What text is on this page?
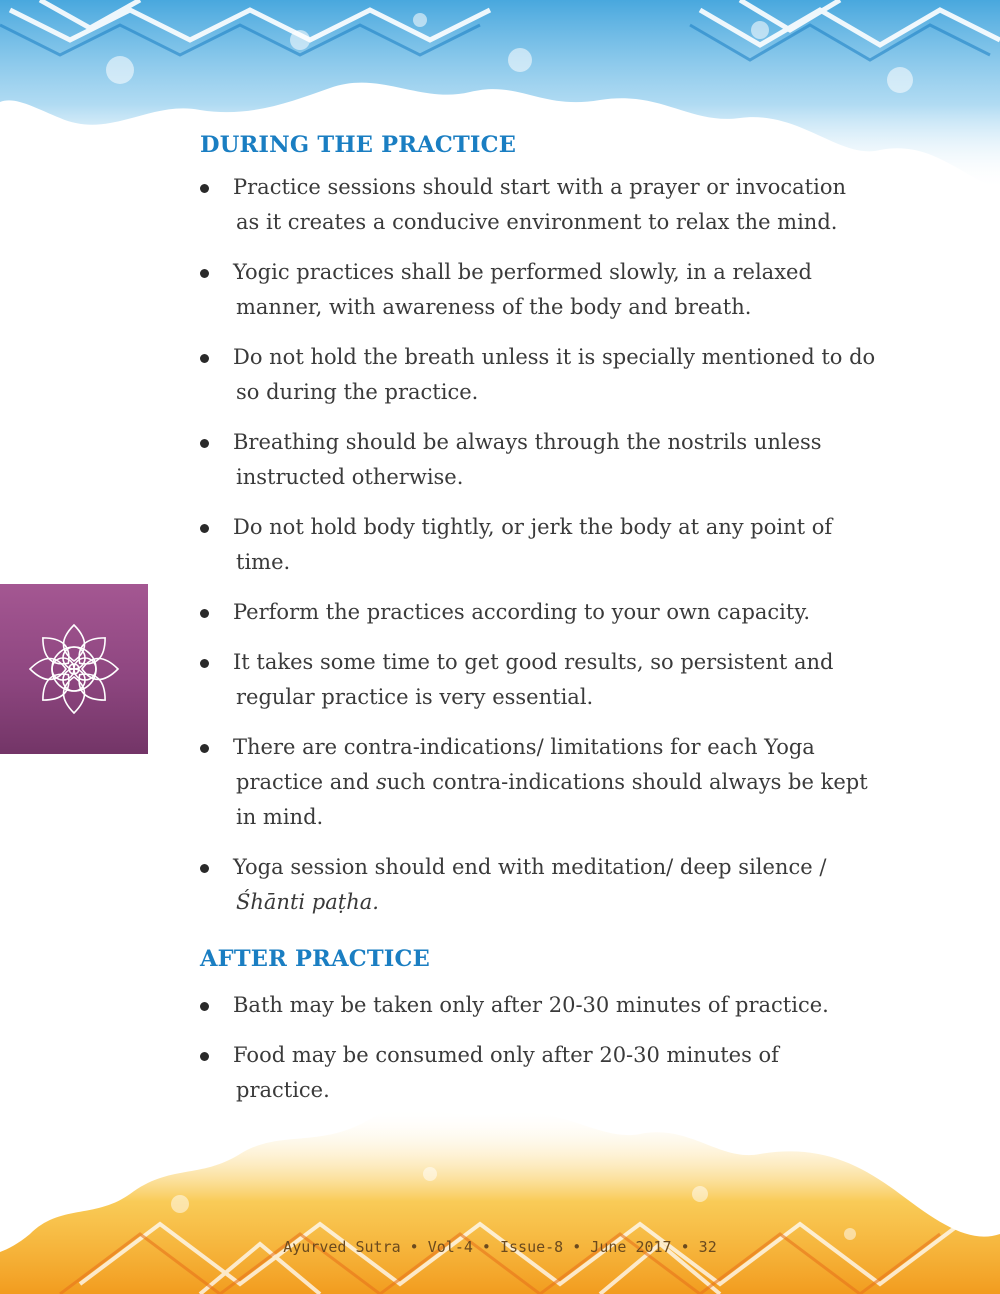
DURING THE PRACTICE
Practice sessions should start with a prayer or invocation
as it creates a conducive environment to relax the mind.
Yogic practices shall be performed slowly, in a relaxed
manner, with awareness of the body and breath.
Do not hold the breath unless it is specially mentioned to do
so during the practice.
Breathing should be always through the nostrils unless
instructed otherwise.
Do not hold body tightly, or jerk the body at any point of
time.
Perform the practices according to your own capacity.
It takes some time to get good results, so persistent and
regular practice is very essential.
There are contra-indications/ limitations for each Yoga
practice and such contra-indications should always be kept
in mind.
Yoga session should end with meditation/ deep silence /
Śhānti paṭha.
AFTER PRACTICE
Bath may be taken only after 20-30 minutes of practice.
Food may be consumed only after 20-30 minutes of
practice.
Ayurved Sutra • Vol-4 • Issue-8 • June 2017 • 32
